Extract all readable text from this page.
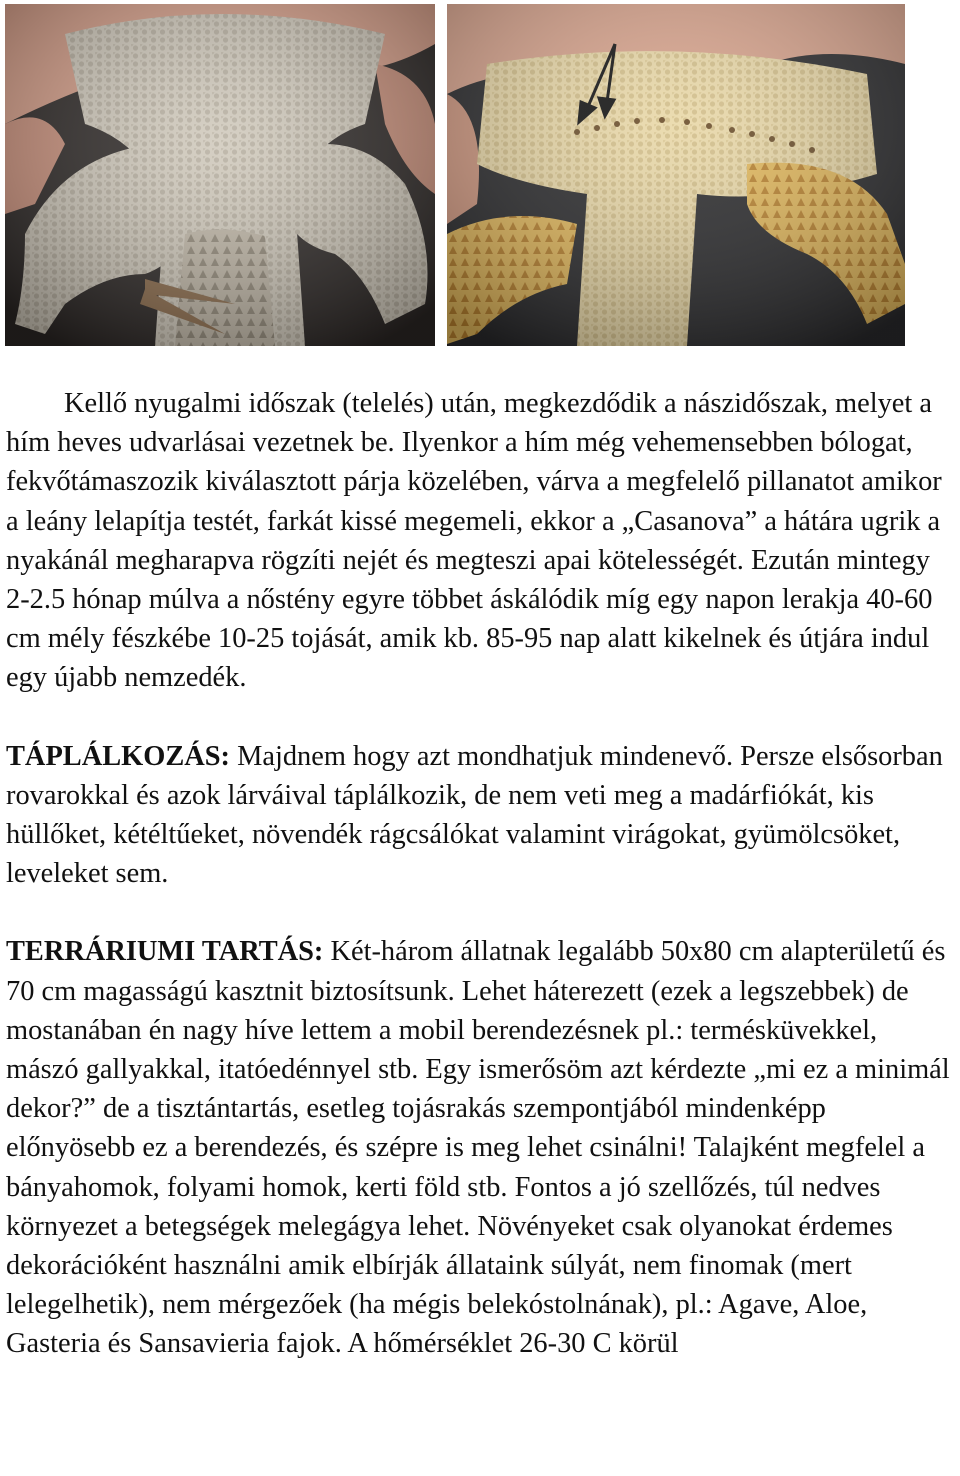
Kellő nyugalmi időszak (telelés) után, megkezdődik a nászidőszak, melyet a hím heves udvarlásai vezetnek be. Ilyenkor a hím még vehemensebben bólogat, fekvőtámaszozik kiválasztott párja közelében, várva a megfelelő pillanatot amikor a leány lelapítja testét, farkát kissé megemeli, ekkor a „Casanova” a hátára ugrik a nyakánál megharapva rögzíti nejét és megteszi apai kötelességét. Ezután mintegy 2-2.5 hónap múlva a nőstény egyre többet áskálódik míg egy napon lerakja 40-60 cm mély fészkébe 10-25 tojását, amik kb. 85-95 nap alatt kikelnek és útjára indul egy újabb nemzedék.

TÁPLÁLKOZÁS: Majdnem hogy azt mondhatjuk mindenevő. Persze elsősorban rovarokkal és azok lárváival táplálkozik, de nem veti meg a madárfiókát, kis hüllőket, kétéltűeket, növendék rágcsálókat valamint virágokat, gyümölcsöket, leveleket sem.

TERRÁRIUMI TARTÁS: Két-három állatnak legalább 50x80 cm alapterületű és 70 cm magasságú kasztnit biztosítsunk. Lehet háterezett (ezek a legszebbek) de mostanában én nagy híve lettem a mobil berendezésnek pl.: termésküvekkel, mászó gallyakkal, itatóedénnyel stb. Egy ismerősöm azt kérdezte „mi ez a minimál dekor?” de a tisztántartás, esetleg tojásrakás szempontjából mindenképp előnyösebb ez a berendezés, és szépre is meg lehet csinálni! Talajként megfelel a bányahomok, folyami homok, kerti föld stb. Fontos a jó szellőzés, túl nedves környezet a betegségek melegágya lehet. Növényeket csak olyanokat érdemes dekorációként használni amik elbírják állataink súlyát, nem finomak (mert lelegelhetik), nem mérgezőek (ha mégis belekóstolnának), pl.: Agave, Aloe, Gasteria és Sansavieria fajok. A hőmérséklet 26-30 C körül
